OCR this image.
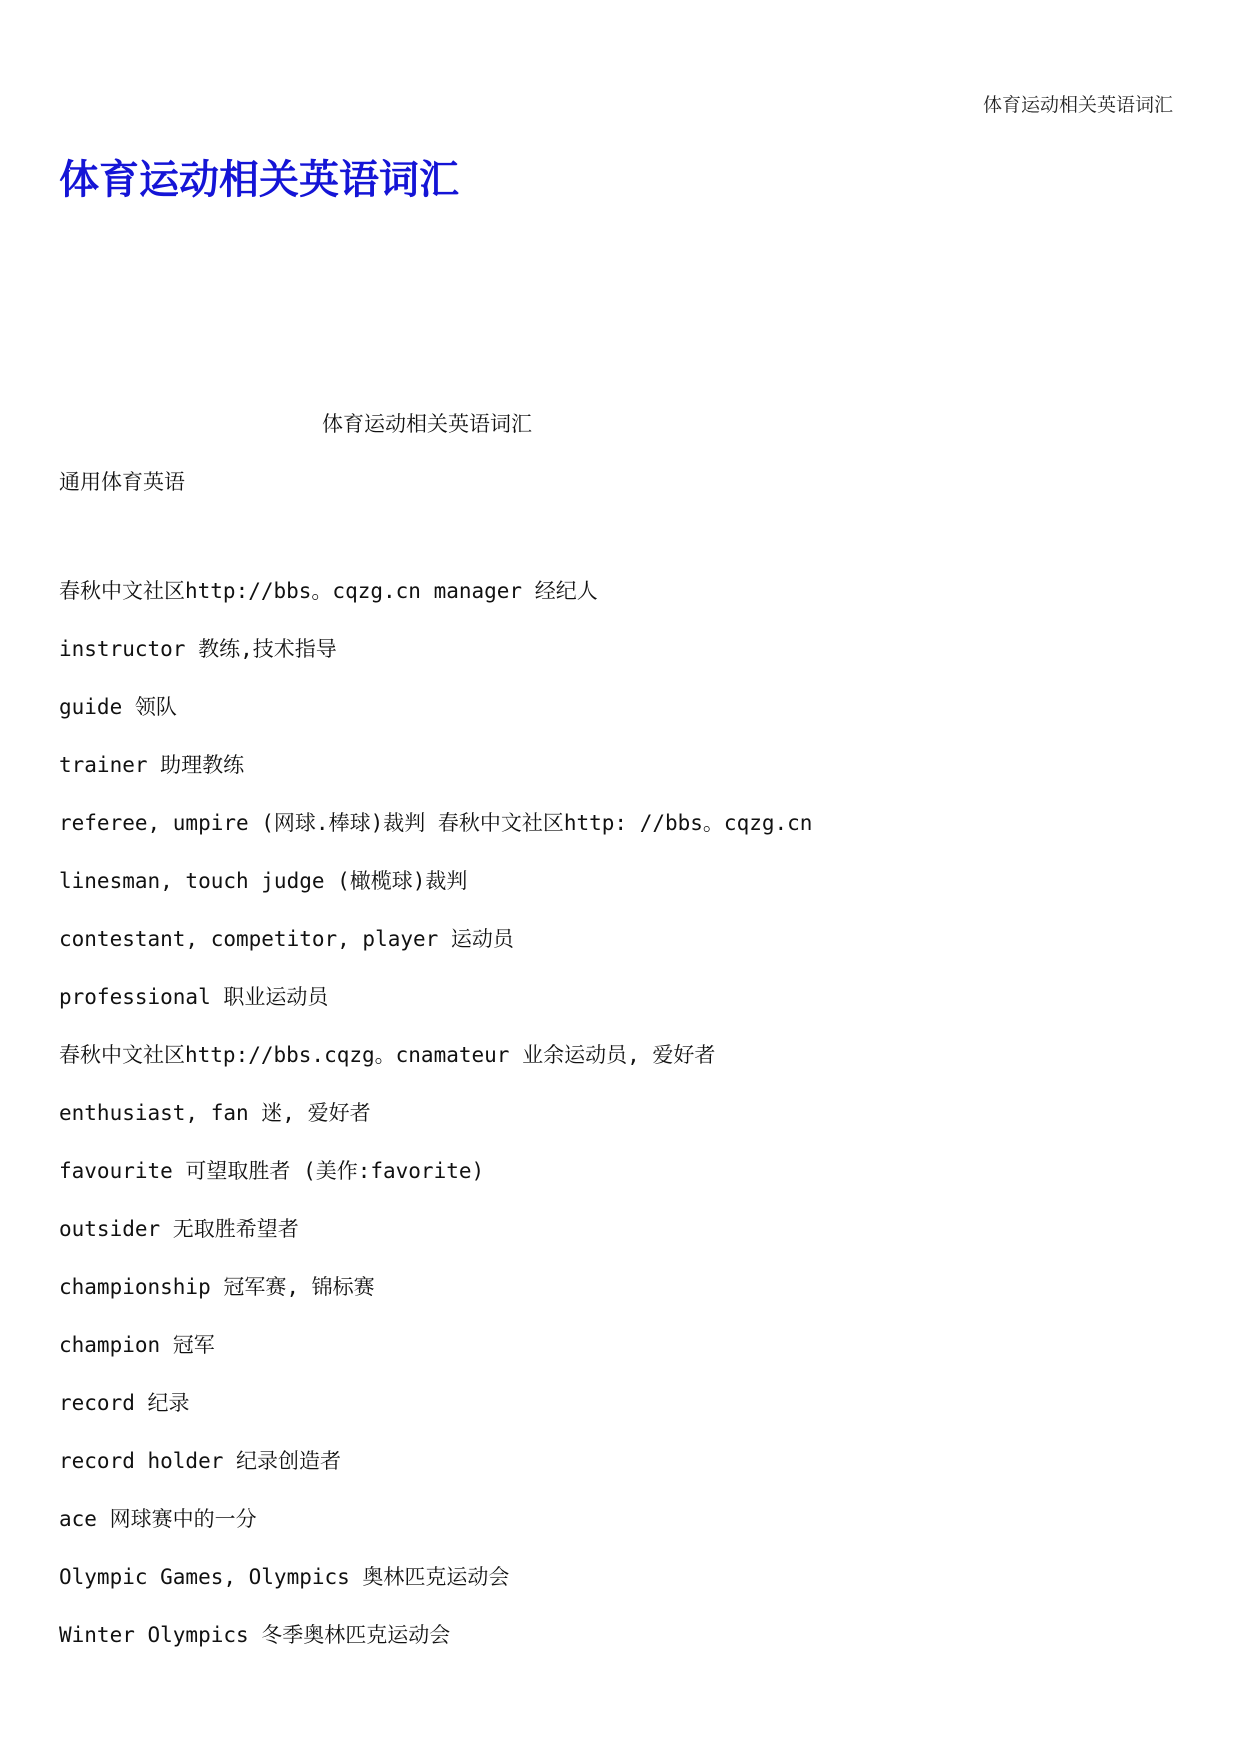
体育运动相关英语词汇
体育运动相关英语词汇
体育运动相关英语词汇
通用体育英语
春秋中文社区http://bbs。cqzg.cn manager 经纪人
instructor 教练,技术指导
guide 领队
trainer 助理教练
referee, umpire (网球.棒球)裁判 春秋中文社区http: //bbs。cqzg.cn
linesman, touch judge (橄榄球)裁判
contestant, competitor, player 运动员
professional 职业运动员
春秋中文社区http://bbs.cqzg。cnamateur 业余运动员, 爱好者
enthusiast, fan 迷, 爱好者
favourite 可望取胜者 (美作:favorite)
outsider 无取胜希望者
championship 冠军赛, 锦标赛
champion 冠军
record 纪录
record holder 纪录创造者
ace 网球赛中的一分
Olympic Games, Olympics 奥林匹克运动会
Winter Olympics 冬季奥林匹克运动会
